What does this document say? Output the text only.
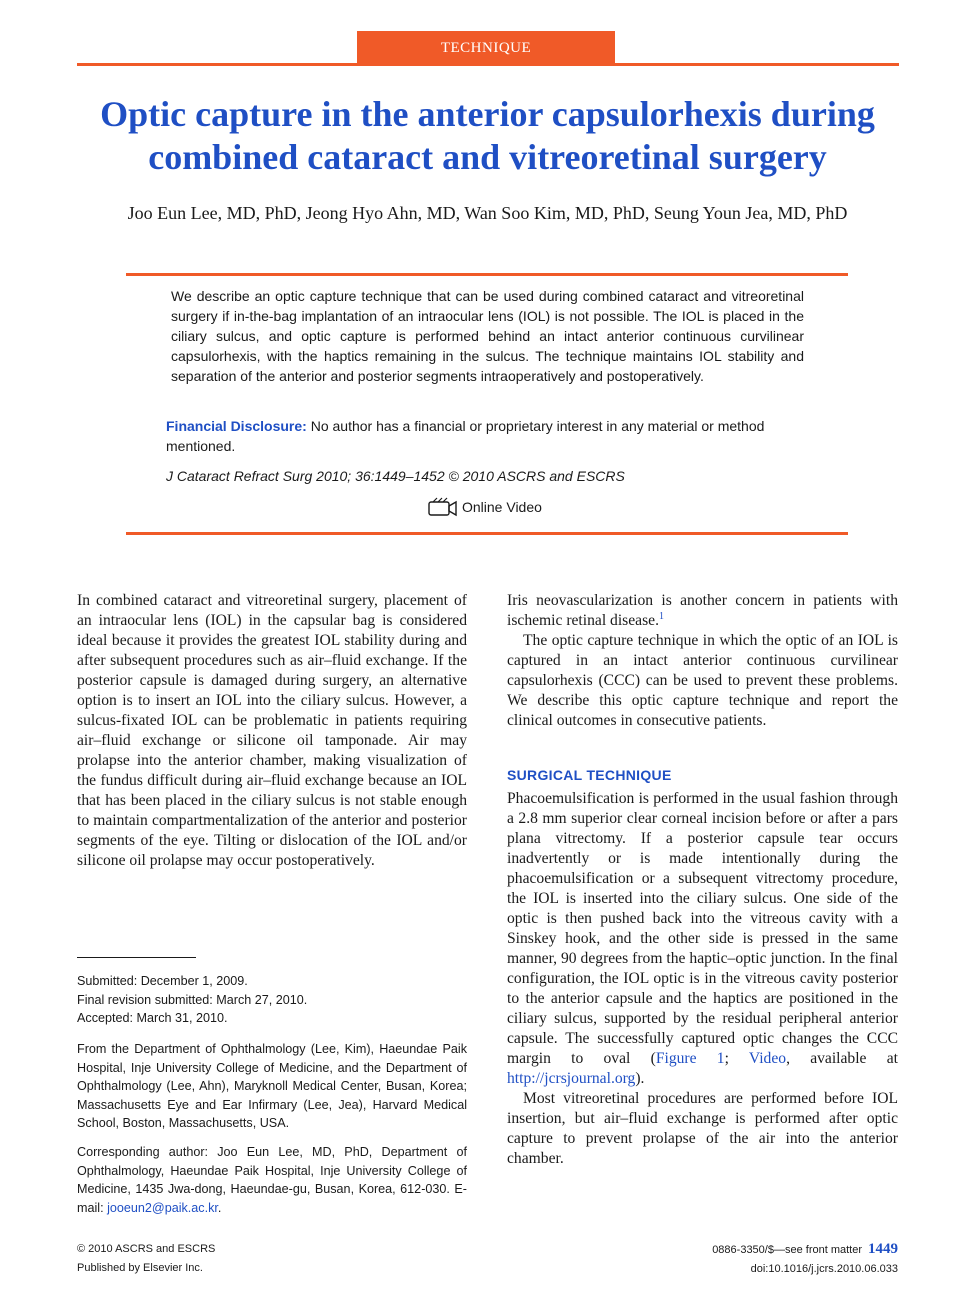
TECHNIQUE
Optic capture in the anterior capsulorhexis during combined cataract and vitreoretinal surgery
Joo Eun Lee, MD, PhD, Jeong Hyo Ahn, MD, Wan Soo Kim, MD, PhD, Seung Youn Jea, MD, PhD
We describe an optic capture technique that can be used during combined cataract and vitreoretinal surgery if in-the-bag implantation of an intraocular lens (IOL) is not possible. The IOL is placed in the ciliary sulcus, and optic capture is performed behind an intact anterior continuous curvilinear capsulorhexis, with the haptics remaining in the sulcus. The technique maintains IOL stability and separation of the anterior and posterior segments intraoperatively and postoperatively.
Financial Disclosure: No author has a financial or proprietary interest in any material or method mentioned.
J Cataract Refract Surg 2010; 36:1449–1452 © 2010 ASCRS and ESCRS
Online Video

In combined cataract and vitreoretinal surgery, placement of an intraocular lens (IOL) in the capsular bag is considered ideal because it provides the greatest IOL stability during and after subsequent procedures such as air–fluid exchange. If the posterior capsule is damaged during surgery, an alternative option is to insert an IOL into the ciliary sulcus. However, a sulcus-fixated IOL can be problematic in patients requiring air–fluid exchange or silicone oil tamponade. Air may prolapse into the anterior chamber, making visualization of the fundus difficult during air–fluid exchange because an IOL that has been placed in the ciliary sulcus is not stable enough to maintain compartmentalization of the anterior and posterior segments of the eye. Tilting or dislocation of the IOL and/or silicone oil prolapse may occur postoperatively.

Submitted: December 1, 2009.

Final revision submitted: March 27, 2010.

Accepted: March 31, 2010.

From the Department of Ophthalmology (Lee, Kim), Haeundae Paik Hospital, Inje University College of Medicine, and the Department of Ophthalmology (Lee, Ahn), Maryknoll Medical Center, Busan, Korea; Massachusetts Eye and Ear Infirmary (Lee, Jea), Harvard Medical School, Boston, Massachusetts, USA.

Corresponding author: Joo Eun Lee, MD, PhD, Department of Ophthalmology, Haeundae Paik Hospital, Inje University College of Medicine, 1435 Jwa-dong, Haeundae-gu, Busan, Korea, 612-030. E-mail: jooeun2@paik.ac.kr.

Iris neovascularization is another concern in patients with ischemic retinal disease.$^1$

The optic capture technique in which the optic of an IOL is captured in an intact anterior continuous curvilinear capsulorhexis (CCC) can be used to prevent these problems. We describe this optic capture technique and report the clinical outcomes in consecutive patients.

SURGICAL TECHNIQUE

Phacoemulsification is performed in the usual fashion through a 2.8 mm superior clear corneal incision before or after a pars plana vitrectomy. If a posterior capsule tear occurs inadvertently or is made intentionally during the phacoemulsification or a subsequent vitrectomy procedure, the IOL is inserted into the ciliary sulcus. One side of the optic is then pushed back into the vitreous cavity with a Sinskey hook, and the other side is pressed in the same manner, 90 degrees from the haptic–optic junction. In the final configuration, the IOL optic is in the vitreous cavity posterior to the anterior capsule and the haptics are positioned in the ciliary sulcus, supported by the residual peripheral anterior capsule. The successfully captured optic changes the CCC margin to oval (Figure 1; Video, available at http://jcrsjournal.org).

Most vitreoretinal procedures are performed before IOL insertion, but air–fluid exchange is performed after optic capture to prevent prolapse of the air into the anterior chamber.

© 2010 ASCRS and ESCRS
Published by Elsevier Inc.
0886-3350/$—see front matter 1449
doi:10.1016/j.jcrs.2010.06.033
